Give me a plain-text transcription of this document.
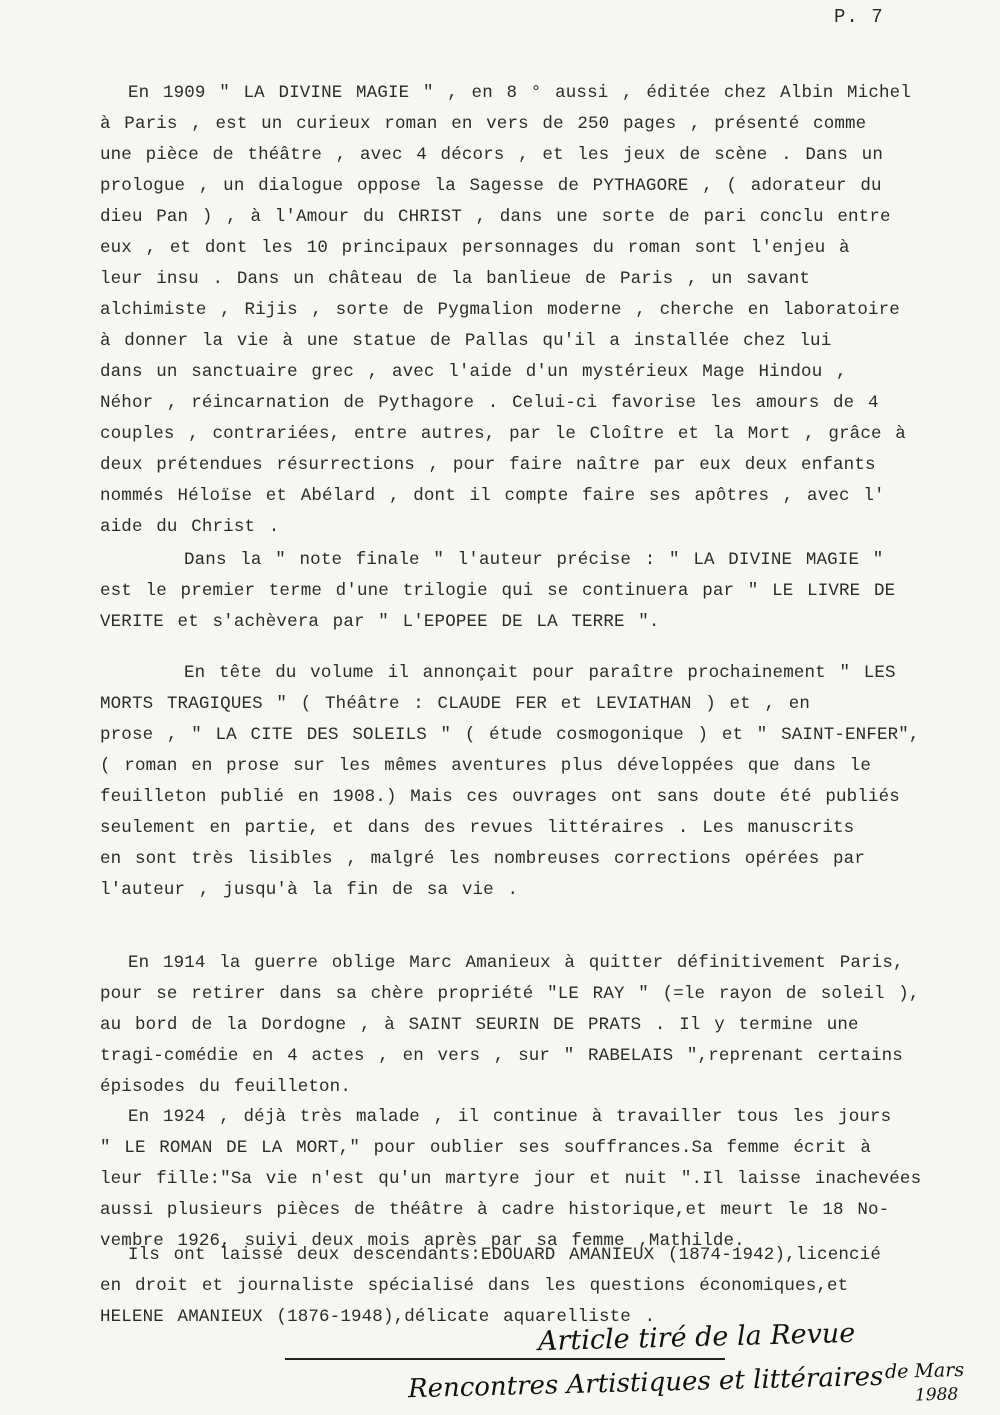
P. 7
En 1909 " LA DIVINE MAGIE " , en 8 ° aussi , éditée chez Albin Michel
à Paris , est un curieux roman en vers de 250 pages , présenté comme
une pièce de théâtre , avec 4 décors , et les jeux de scène . Dans un
prologue , un dialogue oppose la Sagesse de PYTHAGORE , ( adorateur du
dieu Pan ) , à l'Amour du CHRIST , dans une sorte de pari conclu entre
eux , et dont les 10 principaux personnages du roman sont l'enjeu à
leur insu . Dans un château de la banlieue de Paris , un savant
alchimiste , Rijis , sorte de Pygmalion moderne , cherche en laboratoire
à donner la vie à une statue de Pallas qu'il a installée chez lui
dans un sanctuaire grec , avec l'aide d'un mystérieux Mage Hindou ,
Néhor , réincarnation de Pythagore . Celui-ci favorise les amours de 4
couples , contrariées, entre autres, par le Cloître et la Mort , grâce à
deux prétendues résurrections , pour faire naître par eux deux enfants
nommés Héloïse et Abélard , dont il compte faire ses apôtres , avec l'
aide du Christ .
Dans la " note finale " l'auteur précise : " LA DIVINE MAGIE "
est le premier terme d'une trilogie qui se continuera par " LE LIVRE DE
VERITE et s'achèvera par " L'EPOPEE DE LA TERRE ".
En tête du volume il annonçait pour paraître prochainement " LES
MORTS TRAGIQUES " ( Théâtre : CLAUDE FER et LEVIATHAN ) et , en
prose , " LA CITE DES SOLEILS " ( étude cosmogonique ) et " SAINT-ENFER",
( roman en prose sur les mêmes aventures plus développées que dans le
feuilleton publié en 1908.) Mais ces ouvrages ont sans doute été publiés
seulement en partie, et dans des revues littéraires . Les manuscrits
en sont très lisibles , malgré les nombreuses corrections opérées par
l'auteur , jusqu'à la fin de sa vie .
En 1914 la guerre oblige Marc Amanieux à quitter définitivement Paris,
pour se retirer dans sa chère propriété "LE RAY " (=le rayon de soleil ),
au bord de la Dordogne , à SAINT SEURIN DE PRATS . Il y termine une
tragi-comédie en 4 actes , en vers , sur " RABELAIS ",reprenant certains
épisodes du feuilleton.
En 1924 , déjà très malade , il continue à travailler tous les jours
" LE ROMAN DE LA MORT," pour oublier ses souffrances.Sa femme écrit à
leur fille:"Sa vie n'est qu'un martyre jour et nuit ".Il laisse inachevées
aussi plusieurs pièces de théâtre à cadre historique,et meurt le 18 No-
vembre 1926, suivi deux mois après par sa femme ,Mathilde.
Ils ont laissé deux descendants:EDOUARD AMANIEUX (1874-1942),licencié
en droit et journaliste spécialisé dans les questions économiques,et
HELENE AMANIEUX (1876-1948),délicate aquarelliste .
Article tiré de la Revue
Rencontres Artistiques et littéraires de Mars
1988
